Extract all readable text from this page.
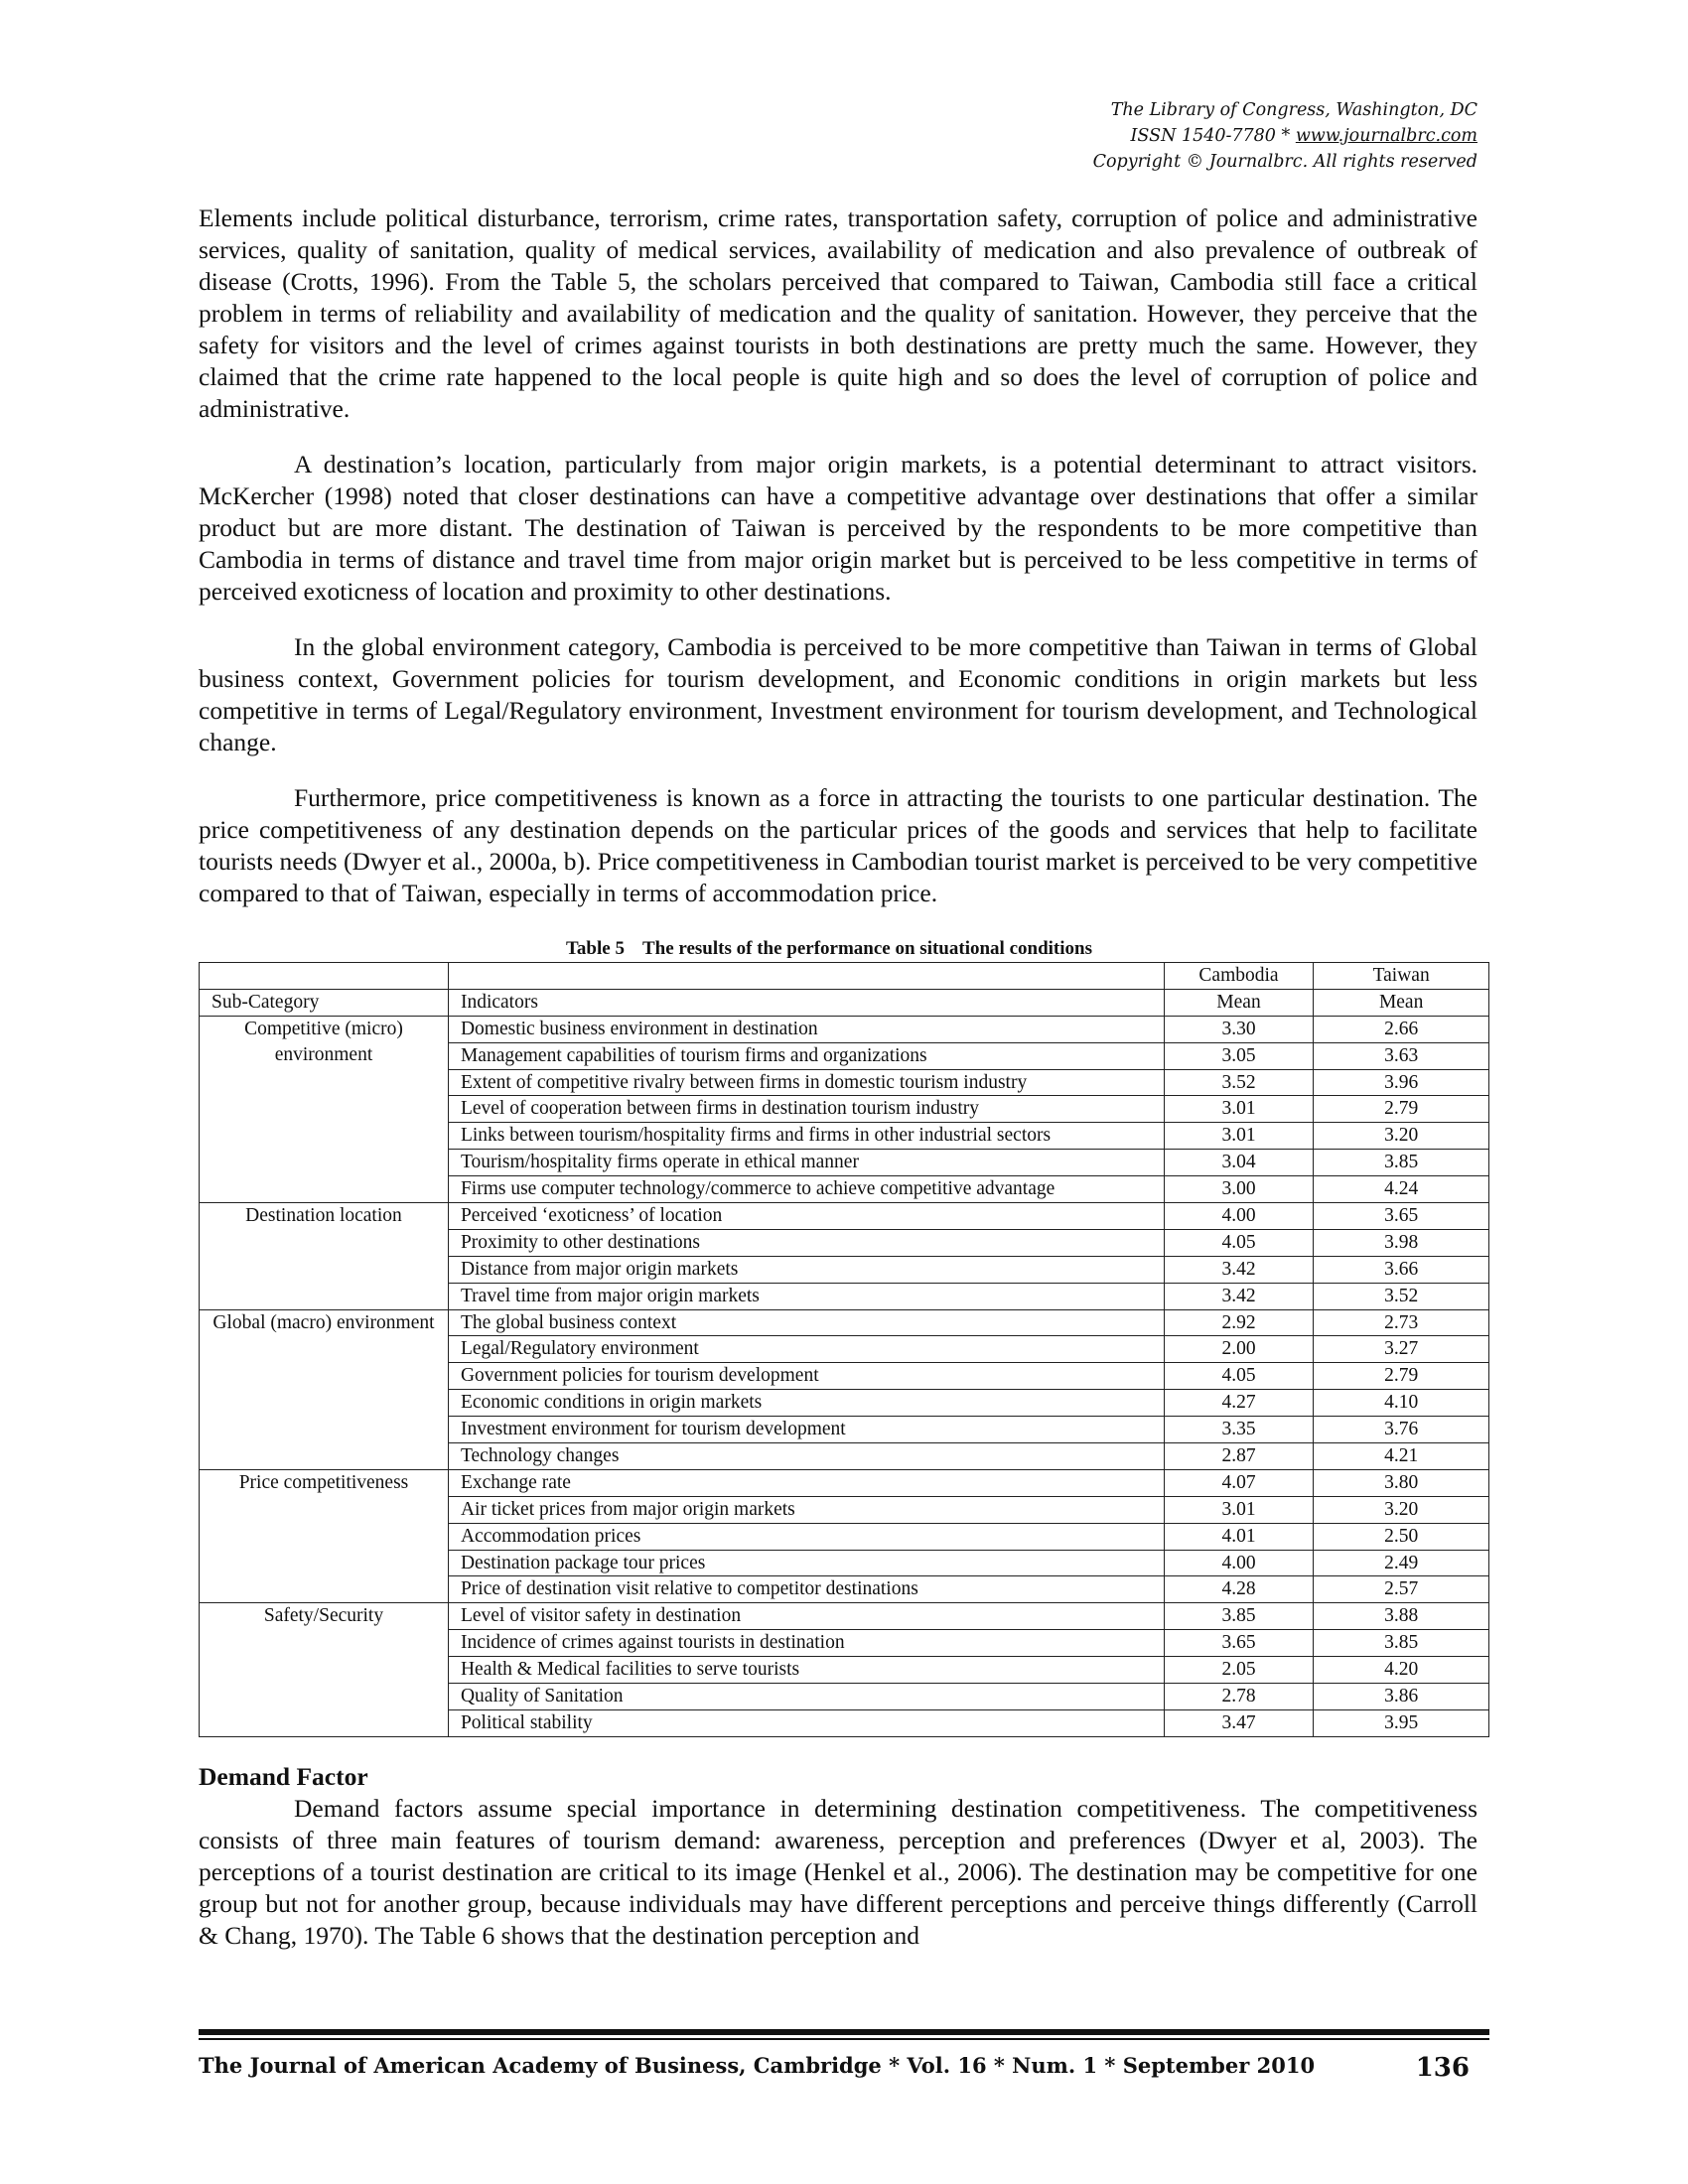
The Library of Congress, Washington, DC
ISSN 1540-7780 * www.journalbrc.com
Copyright © Journalbrc. All rights reserved

Elements include political disturbance, terrorism, crime rates, transportation safety, corruption of police and administrative services, quality of sanitation, quality of medical services, availability of medication and also prevalence of outbreak of disease (Crotts, 1996). From the Table 5, the scholars perceived that compared to Taiwan, Cambodia still face a critical problem in terms of reliability and availability of medication and the quality of sanitation. However, they perceive that the safety for visitors and the level of crimes against tourists in both destinations are pretty much the same. However, they claimed that the crime rate happened to the local people is quite high and so does the level of corruption of police and administrative.

A destination’s location, particularly from major origin markets, is a potential determinant to attract visitors. McKercher (1998) noted that closer destinations can have a competitive advantage over destinations that offer a similar product but are more distant. The destination of Taiwan is perceived by the respondents to be more competitive than Cambodia in terms of distance and travel time from major origin market but is perceived to be less competitive in terms of perceived exoticness of location and proximity to other destinations.

In the global environment category, Cambodia is perceived to be more competitive than Taiwan in terms of Global business context, Government policies for tourism development, and Economic conditions in origin markets but less competitive in terms of Legal/Regulatory environment, Investment environment for tourism development, and Technological change.

Furthermore, price competitiveness is known as a force in attracting the tourists to one particular destination. The price competitiveness of any destination depends on the particular prices of the goods and services that help to facilitate tourists needs (Dwyer et al., 2000a, b). Price competitiveness in Cambodian tourist market is perceived to be very competitive compared to that of Taiwan, especially in terms of accommodation price.

Table 5 The results of the performance on situational conditions
		Cambodia	Taiwan
Sub-Category	Indicators	Mean	Mean
Competitive (micro) environment	Domestic business environment in destination	3.30	2.66
	Management capabilities of tourism firms and organizations	3.05	3.63
	Extent of competitive rivalry between firms in domestic tourism industry	3.52	3.96
	Level of cooperation between firms in destination tourism industry	3.01	2.79
	Links between tourism/hospitality firms and firms in other industrial sectors	3.01	3.20
	Tourism/hospitality firms operate in ethical manner	3.04	3.85
	Firms use computer technology/commerce to achieve competitive advantage	3.00	4.24
Destination location	Perceived ‘exoticness’ of location	4.00	3.65
	Proximity to other destinations	4.05	3.98
	Distance from major origin markets	3.42	3.66
	Travel time from major origin markets	3.42	3.52
Global (macro) environment	The global business context	2.92	2.73
	Legal/Regulatory environment	2.00	3.27
	Government policies for tourism development	4.05	2.79
	Economic conditions in origin markets	4.27	4.10
	Investment environment for tourism development	3.35	3.76
	Technology changes	2.87	4.21
Price competitiveness	Exchange rate	4.07	3.80
	Air ticket prices from major origin markets	3.01	3.20
	Accommodation prices	4.01	2.50
	Destination package tour prices	4.00	2.49
	Price of destination visit relative to competitor destinations	4.28	2.57
Safety/Security	Level of visitor safety in destination	3.85	3.88
	Incidence of crimes against tourists in destination	3.65	3.85
	Health & Medical facilities to serve tourists	2.05	4.20
	Quality of Sanitation	2.78	3.86
	Political stability	3.47	3.95
Demand Factor

Demand factors assume special importance in determining destination competitiveness. The competitiveness consists of three main features of tourism demand: awareness, perception and preferences (Dwyer et al, 2003). The perceptions of a tourist destination are critical to its image (Henkel et al., 2006). The destination may be competitive for one group but not for another group, because individuals may have different perceptions and perceive things differently (Carroll & Chang, 1970). The Table 6 shows that the destination perception and

The Journal of American Academy of Business, Cambridge * Vol. 16 * Num. 1 * September 2010	136
